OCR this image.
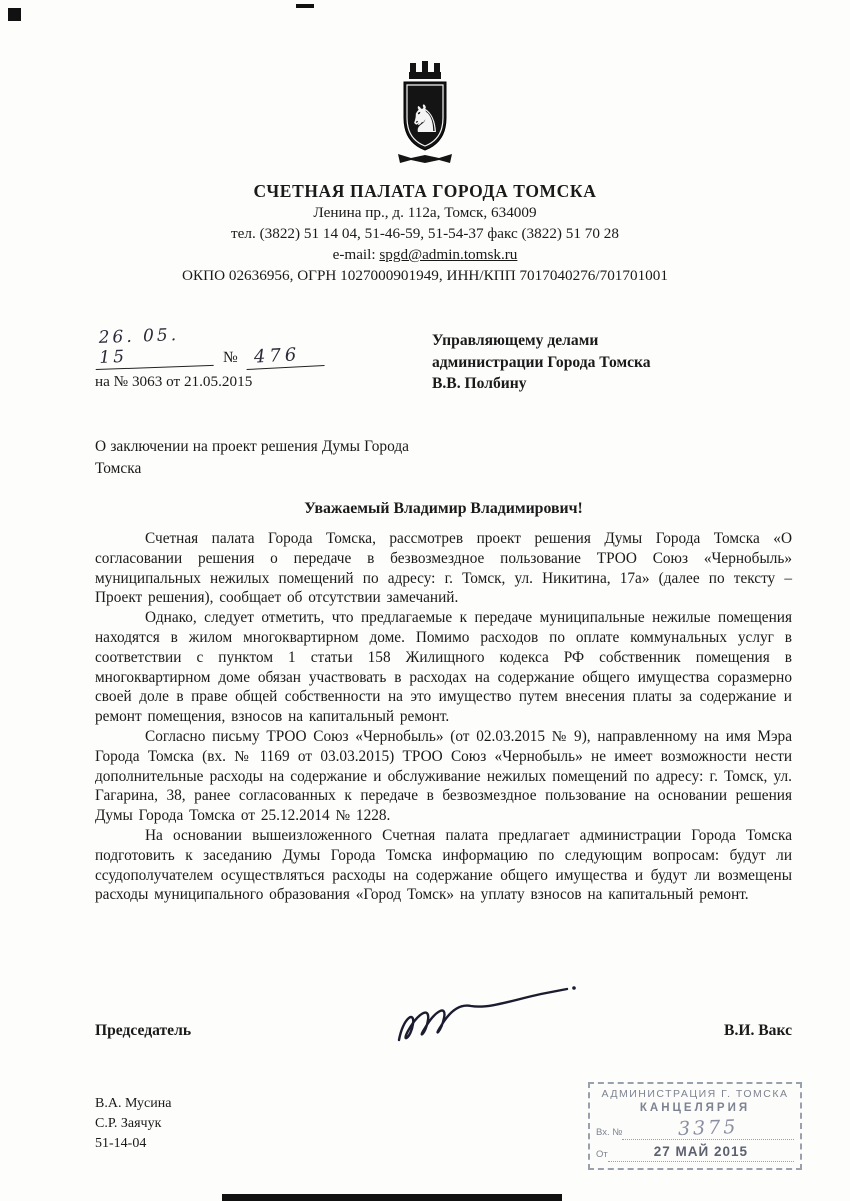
♞
СЧЕТНАЯ ПАЛАТА ГОРОДА ТОМСКА
Ленина пр., д. 112а, Томск, 634009
тел. (3822) 51 14 04, 51-46-59, 51-54-37 факс (3822) 51 70 28
e-mail: spgd@admin.tomsk.ru
ОКПО 02636956, ОГРН 1027000901949, ИНН/КПП 7017040276/701701001
26. 05. 15	№ 476
на № 3063 от 21.05.2015
Управляющему делами
администрации Города Томска
В.В. Полбину
О заключении на проект решения Думы Города Томска
Уважаемый Владимир Владимирович!

Счетная палата Города Томска, рассмотрев проект решения Думы Города Томска «О согласовании решения о передаче в безвозмездное пользование ТРОО Союз «Чернобыль» муниципальных нежилых помещений по адресу: г. Томск, ул. Никитина, 17а» (далее по тексту – Проект решения), сообщает об отсутствии замечаний.

Однако, следует отметить, что предлагаемые к передаче муниципальные нежилые помещения находятся в жилом многоквартирном доме. Помимо расходов по оплате коммунальных услуг в соответствии с пунктом 1 статьи 158 Жилищного кодекса РФ собственник помещения в многоквартирном доме обязан участвовать в расходах на содержание общего имущества соразмерно своей доле в праве общей собственности на это имущество путем внесения платы за содержание и ремонт помещения, взносов на капитальный ремонт.

Согласно письму ТРОО Союз «Чернобыль» (от 02.03.2015 № 9), направленному на имя Мэра Города Томска (вх. № 1169 от 03.03.2015) ТРОО Союз «Чернобыль» не имеет возможности нести дополнительные расходы на содержание и обслуживание нежилых помещений по адресу: г. Томск, ул. Гагарина, 38, ранее согласованных к передаче в безвозмездное пользование на основании решения Думы Города Томска от 25.12.2014 № 1228.

На основании вышеизложенного Счетная палата предлагает администрации Города Томска подготовить к заседанию Думы Города Томска информацию по следующим вопросам: будут ли ссудополучателем осуществляться расходы на содержание общего имущества и будут ли возмещены расходы муниципального образования «Город Томск» на уплату взносов на капитальный ремонт.

Председатель	В.И. Вакс
В.А. Мусина
С.Р. Заячук
51-14-04
АДМИНИСТРАЦИЯ Г. ТОМСКА
КАНЦЕЛЯРИЯ
Вх. №	3375
От	27 МАЙ 2015
